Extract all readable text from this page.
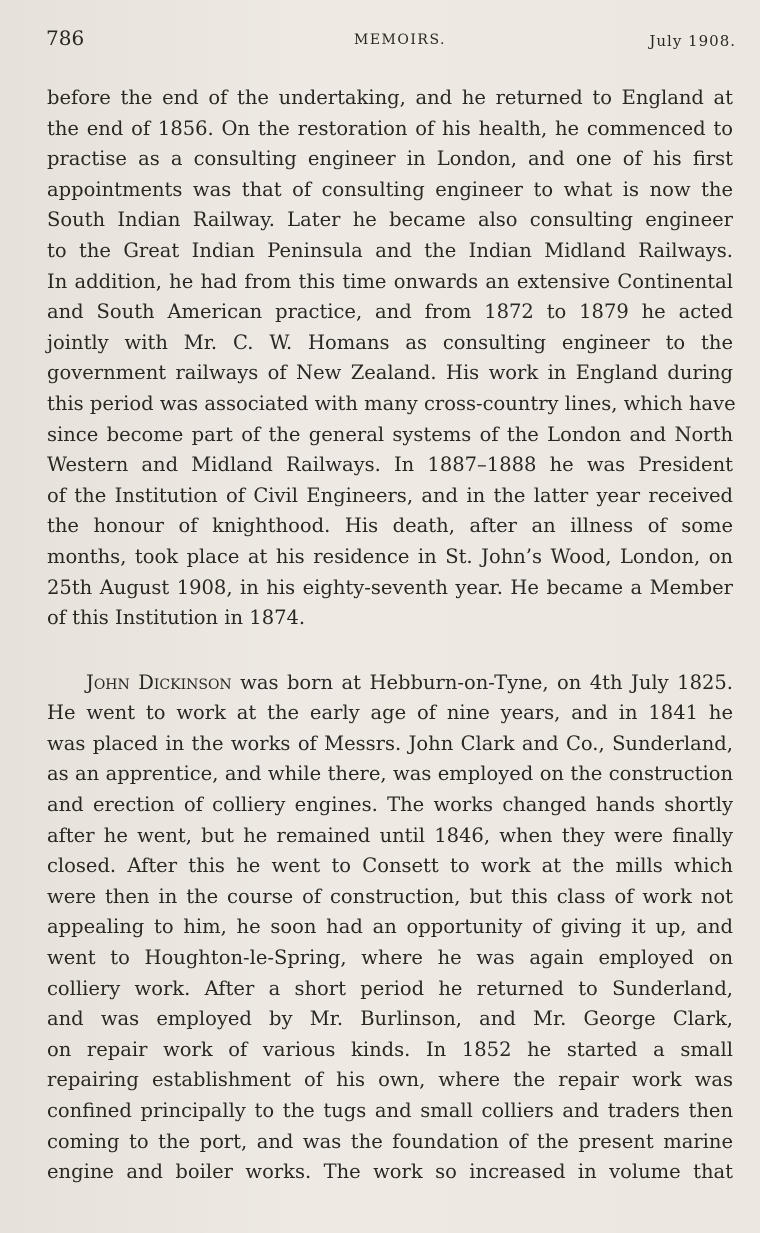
786	MEMOIRS.	July 1908.
before the end of the undertaking, and he returned to England at
the end of 1856. On the restoration of his health, he commenced to
practise as a consulting engineer in London, and one of his first
appointments was that of consulting engineer to what is now the
South Indian Railway. Later he became also consulting engineer
to the Great Indian Peninsula and the Indian Midland Railways.
In addition, he had from this time onwards an extensive Continental
and South American practice, and from 1872 to 1879 he acted
jointly with Mr. C. W. Homans as consulting engineer to the
government railways of New Zealand. His work in England during
this period was associated with many cross-country lines, which have
since become part of the general systems of the London and North
Western and Midland Railways. In 1887–1888 he was President
of the Institution of Civil Engineers, and in the latter year received
the honour of knighthood. His death, after an illness of some
months, took place at his residence in St. John’s Wood, London, on
25th August 1908, in his eighty-seventh year. He became a Member
of this Institution in 1874.
John Dickinson was born at Hebburn-on-Tyne, on 4th July 1825.
He went to work at the early age of nine years, and in 1841 he
was placed in the works of Messrs. John Clark and Co., Sunderland,
as an apprentice, and while there, was employed on the construction
and erection of colliery engines. The works changed hands shortly
after he went, but he remained until 1846, when they were finally
closed. After this he went to Consett to work at the mills which
were then in the course of construction, but this class of work not
appealing to him, he soon had an opportunity of giving it up, and
went to Houghton-le-Spring, where he was again employed on
colliery work. After a short period he returned to Sunderland,
and was employed by Mr. Burlinson, and Mr. George Clark,
on repair work of various kinds. In 1852 he started a small
repairing establishment of his own, where the repair work was
confined principally to the tugs and small colliers and traders then
coming to the port, and was the foundation of the present marine
engine and boiler works. The work so increased in volume that
